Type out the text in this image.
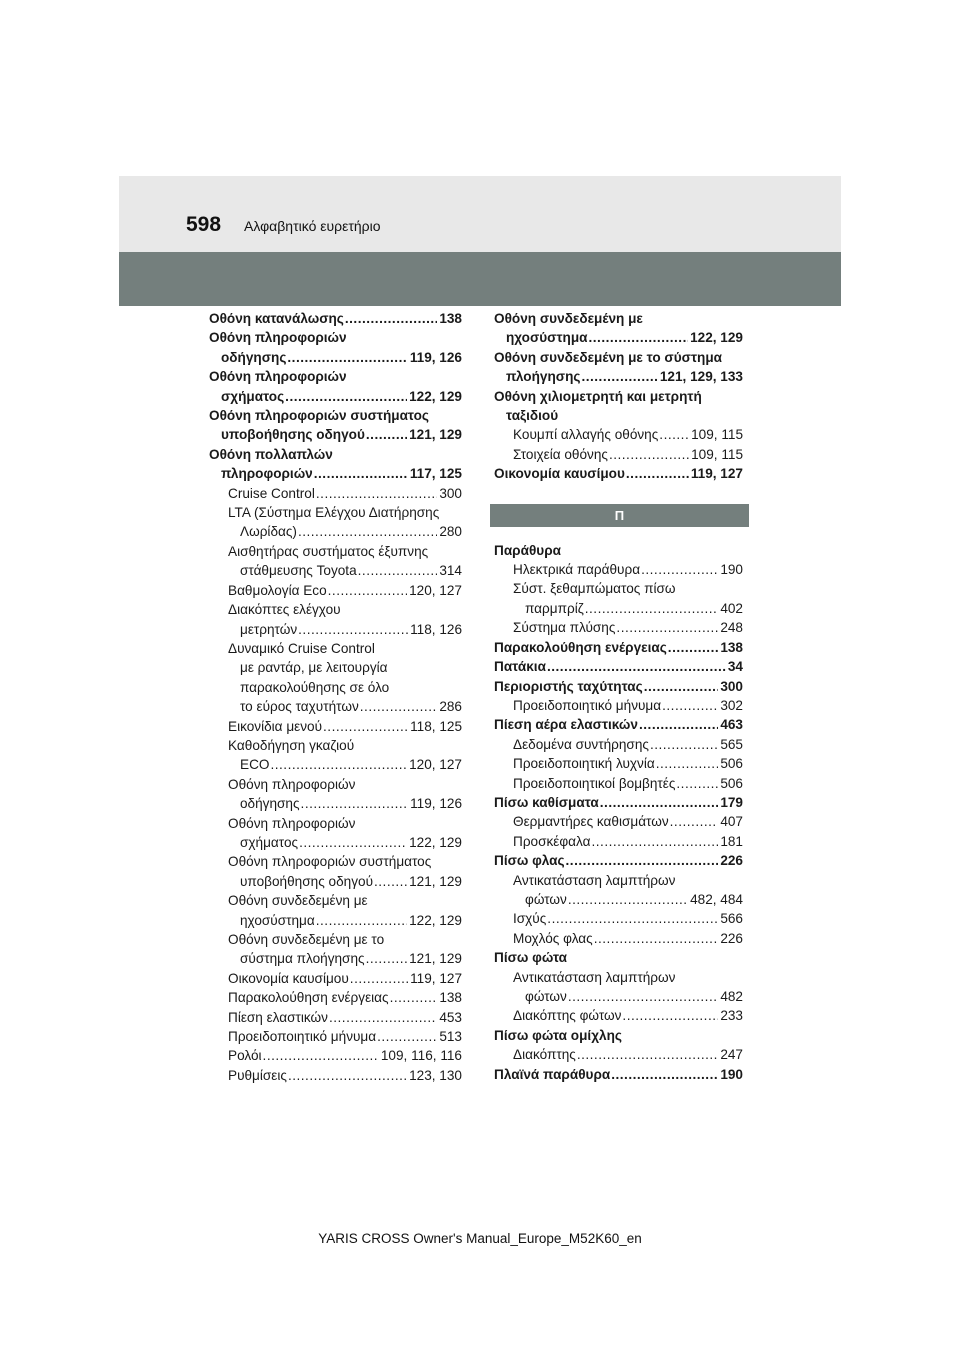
598 Αλφαβητικό ευρετήριο
Οθόνη κατανάλωσης .....	138
Οθόνη πληροφοριών
οδήγησης .....	119, 126
Οθόνη πληροφοριών
σχήματος .....	122, 129
Οθόνη πληροφοριών συστήματος
υποβοήθησης οδηγού .....	121, 129
Οθόνη πολλαπλών
πληροφοριών .....	117, 125
Cruise Control .....	300
LTA (Σύστημα Ελέγχου Διατήρησης
Λωρίδας) .....	280
Αισθητήρας συστήματος έξυπνης
στάθμευσης Toyota .....	314
Βαθμολογία Eco .....	120, 127
Διακόπτες ελέγχου
μετρητών .....	118, 126
Δυναμικό Cruise Control
με ραντάρ, με λειτουργία
παρακολούθησης σε όλο
το εύρος ταχυτήτων .....	286
Εικονίδια μενού .....	118, 125
Καθοδήγηση γκαζιού
ECO .....	120, 127
Οθόνη πληροφοριών
οδήγησης .....	119, 126
Οθόνη πληροφοριών
σχήματος .....	122, 129
Οθόνη πληροφοριών συστήματος
υποβοήθησης οδηγού .....	121, 129
Οθόνη συνδεδεμένη με
ηχοσύστημα .....	122, 129
Οθόνη συνδεδεμένη με το
σύστημα πλοήγησης .....	121, 129
Οικονομία καυσίμου .....	119, 127
Παρακολούθηση ενέργειας .....	138
Πίεση ελαστικών .....	453
Προειδοποιητικό μήνυμα .....	513
Ρολόι .....	109, 116, 116
Ρυθμίσεις .....	123, 130
Οθόνη συνδεδεμένη με
ηχοσύστημα .....	122, 129
Οθόνη συνδεδεμένη με το σύστημα
πλοήγησης .....	121, 129, 133
Οθόνη χιλιομετρητή και μετρητή
ταξιδιού
Κουμπί αλλαγής οθόνης ..... 109, 115
Στοιχεία οθόνης .....	109, 115
Οικονομία καυσίμου .....	119, 127
Π
Παράθυρα
Ηλεκτρικά παράθυρα .....	190
Σύστ. ξεθαμπώματος πίσω
παρμπρίζ .....	402
Σύστημα πλύσης .....	248
Παρακολούθηση ενέργειας .....	138
Πατάκια .....	34
Περιοριστής ταχύτητας .....	300
Προειδοποιητικό μήνυμα .....	302
Πίεση αέρα ελαστικών .....	463
Δεδομένα συντήρησης .....	565
Προειδοποιητική λυχνία .....	506
Προειδοποιητικοί βομβητές .....	506
Πίσω καθίσματα .....	179
Θερμαντήρες καθισμάτων .....	407
Προσκέφαλα .....	181
Πίσω φλας .....	226
Αντικατάσταση λαμπτήρων
φώτων .....	482, 484
Ισχύς .....	566
Μοχλός φλας .....	226
Πίσω φώτα
Αντικατάσταση λαμπτήρων
φώτων .....	482
Διακόπτης φώτων .....	233
Πίσω φώτα ομίχλης
Διακόπτης .....	247
Πλαϊνά παράθυρα .....	190
YARIS CROSS Owner's Manual_Europe_M52K60_en
